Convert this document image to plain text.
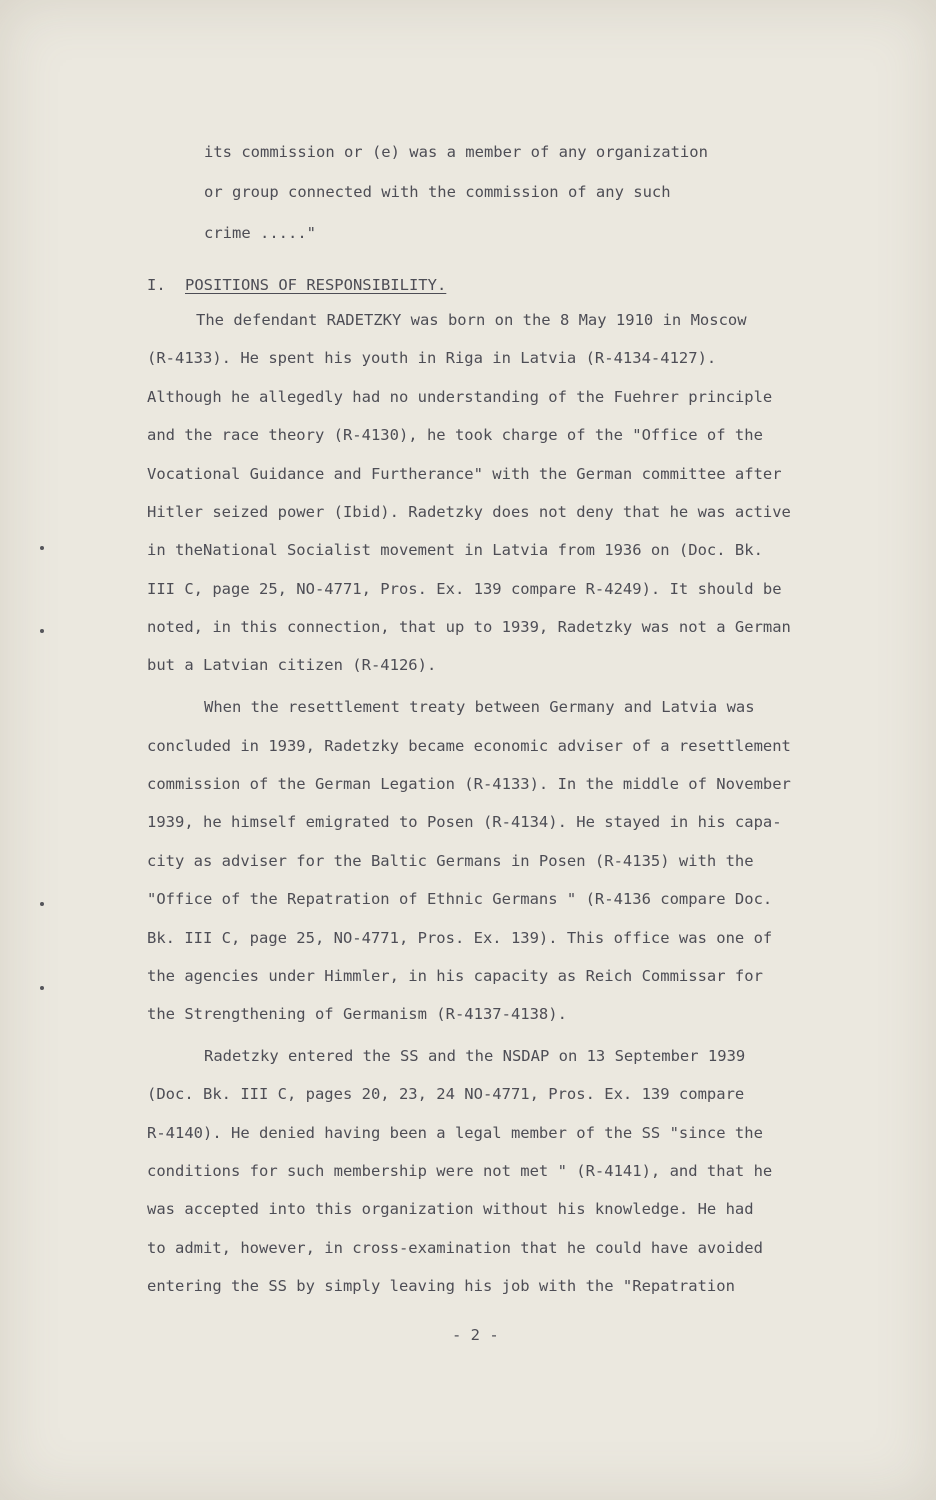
its commission or (e) was a member of any organization
or group connected with the commission of any such
crime ....."
I. POSITIONS OF RESPONSIBILITY.
The defendant RADETZKY was born on the 8 May 1910 in Moscow
(R-4133). He spent his youth in Riga in Latvia (R-4134-4127).
Although he allegedly had no understanding of the Fuehrer principle
and the race theory (R-4130), he took charge of the "Office of the
Vocational Guidance and Furtherance" with the German committee after
Hitler seized power (Ibid). Radetzky does not deny that he was active
in theNational Socialist movement in Latvia from 1936 on (Doc. Bk.
III C, page 25, NO-4771, Pros. Ex. 139 compare R-4249). It should be
noted, in this connection, that up to 1939, Radetzky was not a German
but a Latvian citizen (R-4126).
When the resettlement treaty between Germany and Latvia was
concluded in 1939, Radetzky became economic adviser of a resettlement
commission of the German Legation (R-4133). In the middle of November
1939, he himself emigrated to Posen (R-4134). He stayed in his capa-
city as adviser for the Baltic Germans in Posen (R-4135) with the
"Office of the Repatration of Ethnic Germans " (R-4136 compare Doc.
Bk. III C, page 25, NO-4771, Pros. Ex. 139). This office was one of
the agencies under Himmler, in his capacity as Reich Commissar for
the Strengthening of Germanism (R-4137-4138).
Radetzky entered the SS and the NSDAP on 13 September 1939
(Doc. Bk. III C, pages 20, 23, 24 NO-4771, Pros. Ex. 139 compare
R-4140). He denied having been a legal member of the SS "since the
conditions for such membership were not met " (R-4141), and that he
was accepted into this organization without his knowledge. He had
to admit, however, in cross-examination that he could have avoided
entering the SS by simply leaving his job with the "Repatration
- 2 -
